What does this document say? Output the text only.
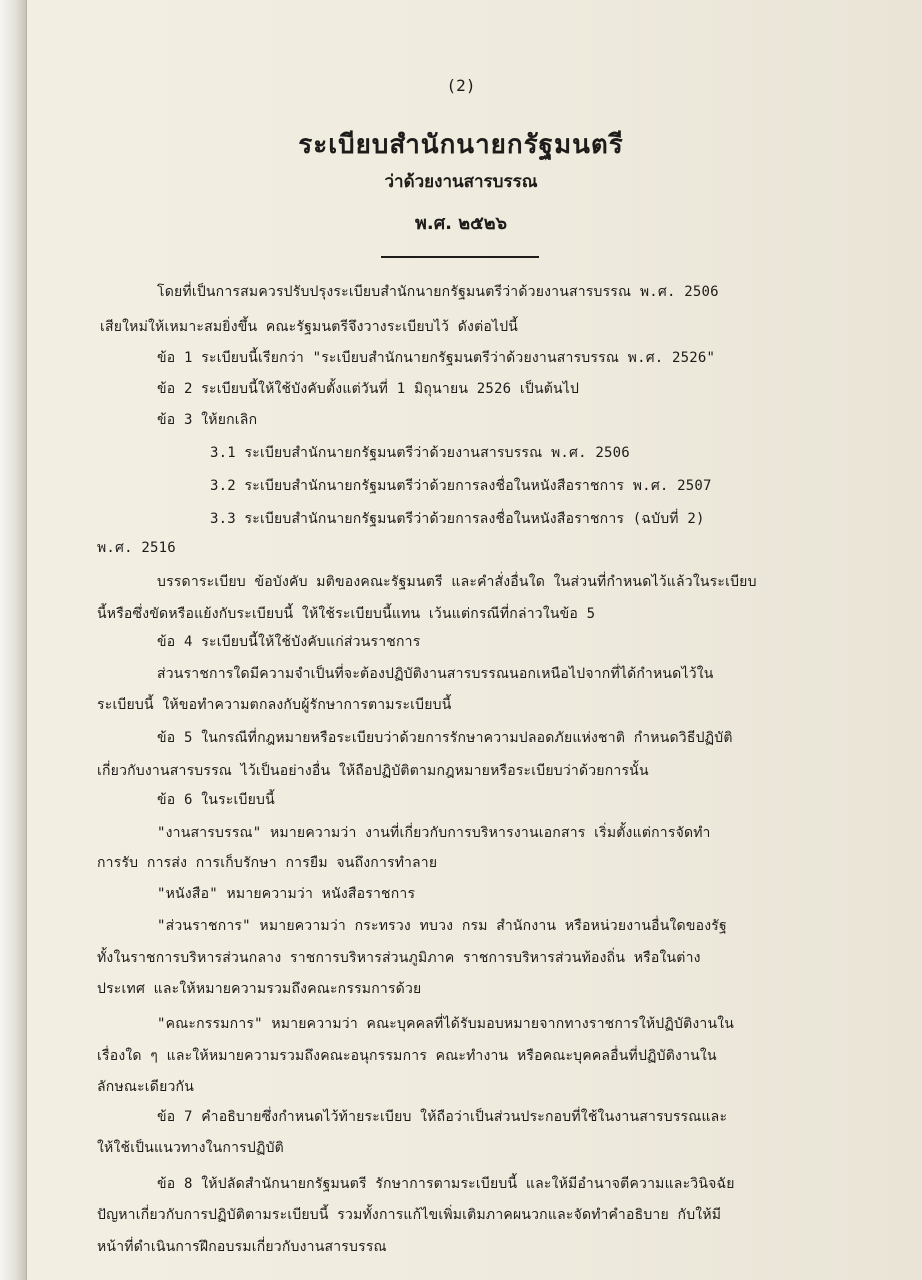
(2)
ระเบียบสำนักนายกรัฐมนตรี
ว่าด้วยงานสารบรรณ
พ.ศ. ๒๕๒๖
โดยที่เป็นการสมควรปรับปรุงระเบียบสำนักนายกรัฐมนตรีว่าด้วยงานสารบรรณ พ.ศ. 2506
เสียใหม่ให้เหมาะสมยิ่งขึ้น คณะรัฐมนตรีจึงวางระเบียบไว้ ดังต่อไปนี้
ข้อ 1 ระเบียบนี้เรียกว่า "ระเบียบสำนักนายกรัฐมนตรีว่าด้วยงานสารบรรณ พ.ศ. 2526"
ข้อ 2 ระเบียบนี้ให้ใช้บังคับตั้งแต่วันที่ 1 มิถุนายน 2526 เป็นต้นไป
ข้อ 3 ให้ยกเลิก
3.1 ระเบียบสำนักนายกรัฐมนตรีว่าด้วยงานสารบรรณ พ.ศ. 2506
3.2 ระเบียบสำนักนายกรัฐมนตรีว่าด้วยการลงชื่อในหนังสือราชการ พ.ศ. 2507
3.3 ระเบียบสำนักนายกรัฐมนตรีว่าด้วยการลงชื่อในหนังสือราชการ (ฉบับที่ 2)
พ.ศ. 2516
บรรดาระเบียบ ข้อบังคับ มติของคณะรัฐมนตรี และคำสั่งอื่นใด ในส่วนที่กำหนดไว้แล้วในระเบียบ
นี้หรือซึ่งขัดหรือแย้งกับระเบียบนี้ ให้ใช้ระเบียบนี้แทน เว้นแต่กรณีที่กล่าวในข้อ 5
ข้อ 4 ระเบียบนี้ให้ใช้บังคับแก่ส่วนราชการ
ส่วนราชการใดมีความจำเป็นที่จะต้องปฏิบัติงานสารบรรณนอกเหนือไปจากที่ได้กำหนดไว้ใน
ระเบียบนี้ ให้ขอทำความตกลงกับผู้รักษาการตามระเบียบนี้
ข้อ 5 ในกรณีที่กฎหมายหรือระเบียบว่าด้วยการรักษาความปลอดภัยแห่งชาติ กำหนดวิธีปฏิบัติ
เกี่ยวกับงานสารบรรณ ไว้เป็นอย่างอื่น ให้ถือปฏิบัติตามกฎหมายหรือระเบียบว่าด้วยการนั้น
ข้อ 6 ในระเบียบนี้
"งานสารบรรณ" หมายความว่า งานที่เกี่ยวกับการบริหารงานเอกสาร เริ่มตั้งแต่การจัดทำ
การรับ การส่ง การเก็บรักษา การยืม จนถึงการทำลาย
"หนังสือ" หมายความว่า หนังสือราชการ
"ส่วนราชการ" หมายความว่า กระทรวง ทบวง กรม สำนักงาน หรือหน่วยงานอื่นใดของรัฐ
ทั้งในราชการบริหารส่วนกลาง ราชการบริหารส่วนภูมิภาค ราชการบริหารส่วนท้องถิ่น หรือในต่าง
ประเทศ และให้หมายความรวมถึงคณะกรรมการด้วย
"คณะกรรมการ" หมายความว่า คณะบุคคลที่ได้รับมอบหมายจากทางราชการให้ปฏิบัติงานใน
เรื่องใด ๆ และให้หมายความรวมถึงคณะอนุกรรมการ คณะทำงาน หรือคณะบุคคลอื่นที่ปฏิบัติงานใน
ลักษณะเดียวกัน
ข้อ 7 คำอธิบายซึ่งกำหนดไว้ท้ายระเบียบ ให้ถือว่าเป็นส่วนประกอบที่ใช้ในงานสารบรรณและ
ให้ใช้เป็นแนวทางในการปฏิบัติ
ข้อ 8 ให้ปลัดสำนักนายกรัฐมนตรี รักษาการตามระเบียบนี้ และให้มีอำนาจตีความและวินิจฉัย
ปัญหาเกี่ยวกับการปฏิบัติตามระเบียบนี้ รวมทั้งการแก้ไขเพิ่มเติมภาคผนวกและจัดทำคำอธิบาย กับให้มี
หน้าที่ดำเนินการฝึกอบรมเกี่ยวกับงานสารบรรณ
